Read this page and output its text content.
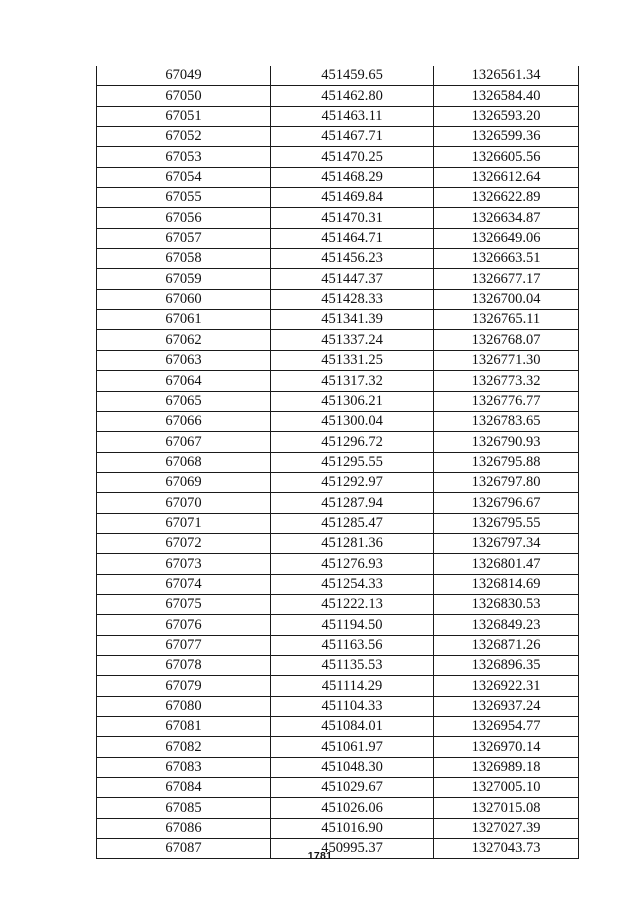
67049	451459.65	1326561.34
67050	451462.80	1326584.40
67051	451463.11	1326593.20
67052	451467.71	1326599.36
67053	451470.25	1326605.56
67054	451468.29	1326612.64
67055	451469.84	1326622.89
67056	451470.31	1326634.87
67057	451464.71	1326649.06
67058	451456.23	1326663.51
67059	451447.37	1326677.17
67060	451428.33	1326700.04
67061	451341.39	1326765.11
67062	451337.24	1326768.07
67063	451331.25	1326771.30
67064	451317.32	1326773.32
67065	451306.21	1326776.77
67066	451300.04	1326783.65
67067	451296.72	1326790.93
67068	451295.55	1326795.88
67069	451292.97	1326797.80
67070	451287.94	1326796.67
67071	451285.47	1326795.55
67072	451281.36	1326797.34
67073	451276.93	1326801.47
67074	451254.33	1326814.69
67075	451222.13	1326830.53
67076	451194.50	1326849.23
67077	451163.56	1326871.26
67078	451135.53	1326896.35
67079	451114.29	1326922.31
67080	451104.33	1326937.24
67081	451084.01	1326954.77
67082	451061.97	1326970.14
67083	451048.30	1326989.18
67084	451029.67	1327005.10
67085	451026.06	1327015.08
67086	451016.90	1327027.39
67087	450995.37	1327043.73
1781
